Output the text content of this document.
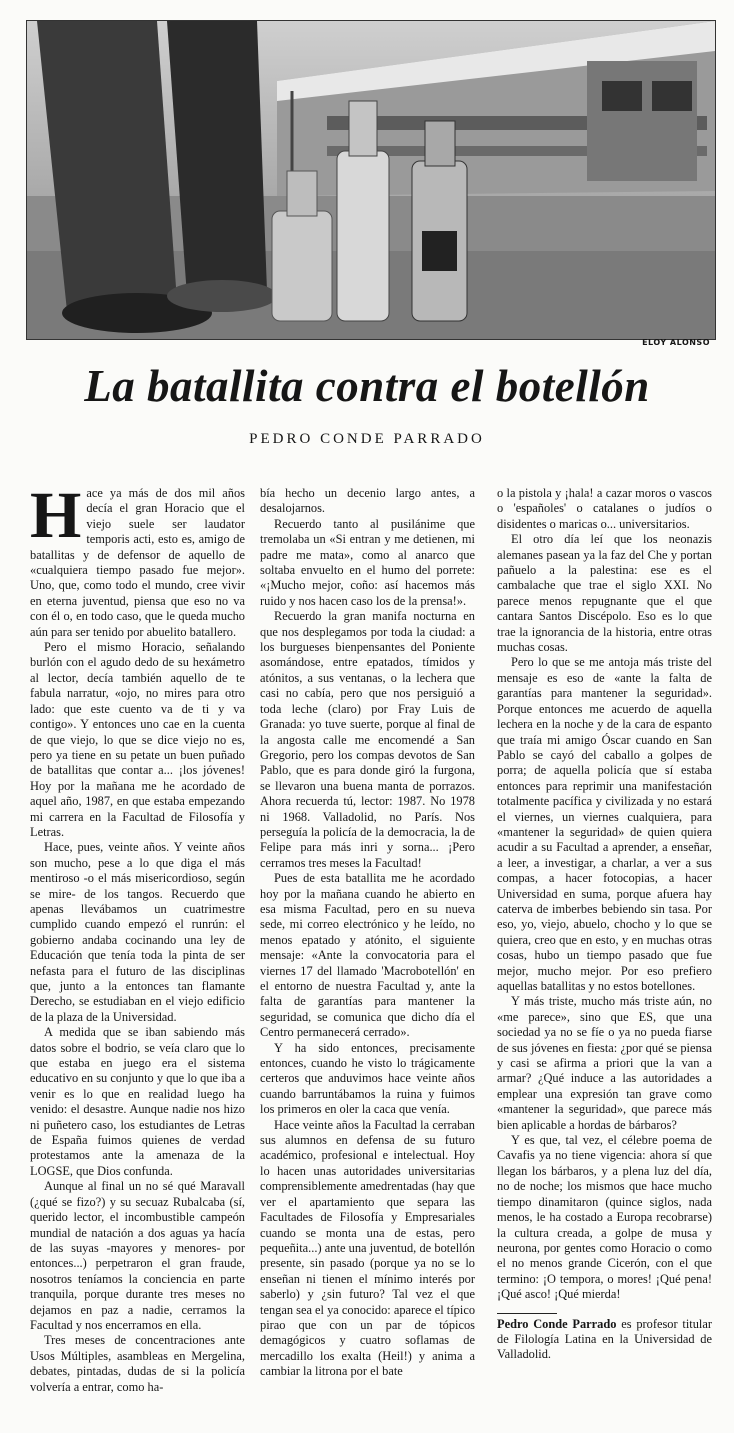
ELOY ALONSO
La batallita contra el botellón
PEDRO CONDE PARRADO

Hace ya más de dos mil años decía el gran Horacio que el viejo suele ser laudator temporis acti, esto es, amigo de batallitas y de defensor de aquello de «cualquiera tiempo pasado fue mejor». Uno, que, como todo el mundo, cree vivir en eterna juventud, piensa que eso no va con él o, en todo caso, que le queda mucho aún para ser tenido por abuelito batallero.

Pero el mismo Horacio, señalando burlón con el agudo dedo de su hexámetro al lector, decía también aquello de te fabula narratur, «ojo, no mires para otro lado: que este cuento va de ti y va contigo». Y entonces uno cae en la cuenta de que viejo, lo que se dice viejo no es, pero ya tiene en su petate un buen puñado de batallitas que contar a... ¡los jóvenes! Hoy por la mañana me he acordado de aquel año, 1987, en que estaba empezando mi carrera en la Facultad de Filosofía y Letras.

Hace, pues, veinte años. Y veinte años son mucho, pese a lo que diga el más mentiroso -o el más misericordioso, según se mire- de los tangos. Recuerdo que apenas llevábamos un cuatrimestre cumplido cuando empezó el runrún: el gobierno andaba cocinando una ley de Educación que tenía toda la pinta de ser nefasta para el futuro de las disciplinas que, junto a la entonces tan flamante Derecho, se estudiaban en el viejo edificio de la plaza de la Universidad.

A medida que se iban sabiendo más datos sobre el bodrio, se veía claro que lo que estaba en juego era el sistema educativo en su conjunto y que lo que iba a venir es lo que en realidad luego ha venido: el desastre. Aunque nadie nos hizo ni puñetero caso, los estudiantes de Letras de España fuimos quienes de verdad protestamos ante la amenaza de la LOGSE, que Dios confunda.

Aunque al final un no sé qué Maravall (¿qué se fizo?) y su secuaz Rubalcaba (sí, querido lector, el incombustible campeón mundial de natación a dos aguas ya hacía de las suyas -mayores y menores- por entonces...) perpetraron el gran fraude, nosotros teníamos la conciencia en parte tranquila, porque durante tres meses no dejamos en paz a nadie, cerramos la Facultad y nos encerramos en ella.

Tres meses de concentraciones ante Usos Múltiples, asambleas en Mergelina, debates, pintadas, dudas de si la policía volvería a entrar, como ha-

bía hecho un decenio largo antes, a desalojarnos.

Recuerdo tanto al pusilánime que tremolaba un «Si entran y me detienen, mi padre me mata», como al anarco que soltaba envuelto en el humo del porrete: «¡Mucho mejor, coño: así hacemos más ruido y nos hacen caso los de la prensa!».

Recuerdo la gran manifa nocturna en que nos desplegamos por toda la ciudad: a los burgueses bienpensantes del Poniente asomándose, entre epatados, tímidos y atónitos, a sus ventanas, o la lechera que casi no cabía, pero que nos persiguió a toda leche (claro) por Fray Luis de Granada: yo tuve suerte, porque al final de la angosta calle me encomendé a San Gregorio, pero los compas devotos de San Pablo, que es para donde giró la furgona, se llevaron una buena manta de porrazos. Ahora recuerda tú, lector: 1987. No 1978 ni 1968. Valladolid, no París. Nos perseguía la policía de la democracia, la de Felipe para más inri y sorna... ¡Pero cerramos tres meses la Facultad!

Pues de esta batallita me he acordado hoy por la mañana cuando he abierto en esa misma Facultad, pero en su nueva sede, mi correo electrónico y he leído, no menos epatado y atónito, el siguiente mensaje: «Ante la convocatoria para el viernes 17 del llamado 'Macrobotellón' en el entorno de nuestra Facultad y, ante la falta de garantías para mantener la seguridad, se comunica que dicho día el Centro permanecerá cerrado».

Y ha sido entonces, precisamente entonces, cuando he visto lo trágicamente certeros que anduvimos hace veinte años cuando barruntábamos la ruina y fuimos los primeros en oler la caca que venía.

Hace veinte años la Facultad la cerraban sus alumnos en defensa de su futuro académico, profesional e intelectual. Hoy lo hacen unas autoridades universitarias comprensiblemente amedrentadas (hay que ver el apartamiento que separa las Facultades de Filosofía y Empresariales cuando se monta una de estas, pero pequeñita...) ante una juventud, de botellón presente, sin pasado (porque ya no se lo enseñan ni tienen el mínimo interés por saberlo) y ¿sin futuro? Tal vez el que tengan sea el ya conocido: aparece el típico pirao que con un par de tópicos demagógicos y cuatro soflamas de mercadillo los exalta (Heil!) y anima a cambiar la litrona por el bate

o la pistola y ¡hala! a cazar moros o vascos o 'españoles' o catalanes o judíos o disidentes o maricas o... universitarios.

El otro día leí que los neonazis alemanes pasean ya la faz del Che y portan pañuelo a la palestina: ese es el cambalache que trae el siglo XXI. No parece menos repugnante que el que cantara Santos Discépolo. Eso es lo que trae la ignorancia de la historia, entre otras muchas cosas.

Pero lo que se me antoja más triste del mensaje es eso de «ante la falta de garantías para mantener la seguridad». Porque entonces me acuerdo de aquella lechera en la noche y de la cara de espanto que traía mi amigo Óscar cuando en San Pablo se cayó del caballo a golpes de porra; de aquella policía que sí estaba entonces para reprimir una manifestación totalmente pacífica y civilizada y no estará el viernes, un viernes cualquiera, para «mantener la seguridad» de quien quiera acudir a su Facultad a aprender, a enseñar, a leer, a investigar, a charlar, a ver a sus compas, a hacer fotocopias, a hacer Universidad en suma, porque afuera hay caterva de imberbes bebiendo sin tasa. Por eso, yo, viejo, abuelo, chocho y lo que se quiera, creo que en esto, y en muchas otras cosas, hubo un tiempo pasado que fue mejor, mucho mejor. Por eso prefiero aquellas batallitas y no estos botellones.

Y más triste, mucho más triste aún, no «me parece», sino que ES, que una sociedad ya no se fíe o ya no pueda fiarse de sus jóvenes en fiesta: ¿por qué se piensa y casi se afirma a priori que la van a armar? ¿Qué induce a las autoridades a emplear una expresión tan grave como «mantener la seguridad», que parece más bien aplicable a hordas de bárbaros?

Y es que, tal vez, el célebre poema de Cavafis ya no tiene vigencia: ahora sí que llegan los bárbaros, y a plena luz del día, no de noche; los mismos que hace mucho tiempo dinamitaron (quince siglos, nada menos, le ha costado a Europa recobrarse) la cultura creada, a golpe de musa y neurona, por gentes como Horacio o como el no menos grande Cicerón, con el que termino: ¡O tempora, o mores! ¡Qué pena! ¡Qué asco! ¡Qué mierda!

Pedro Conde Parrado es profesor titular de Filología Latina en la Universidad de Valladolid.
